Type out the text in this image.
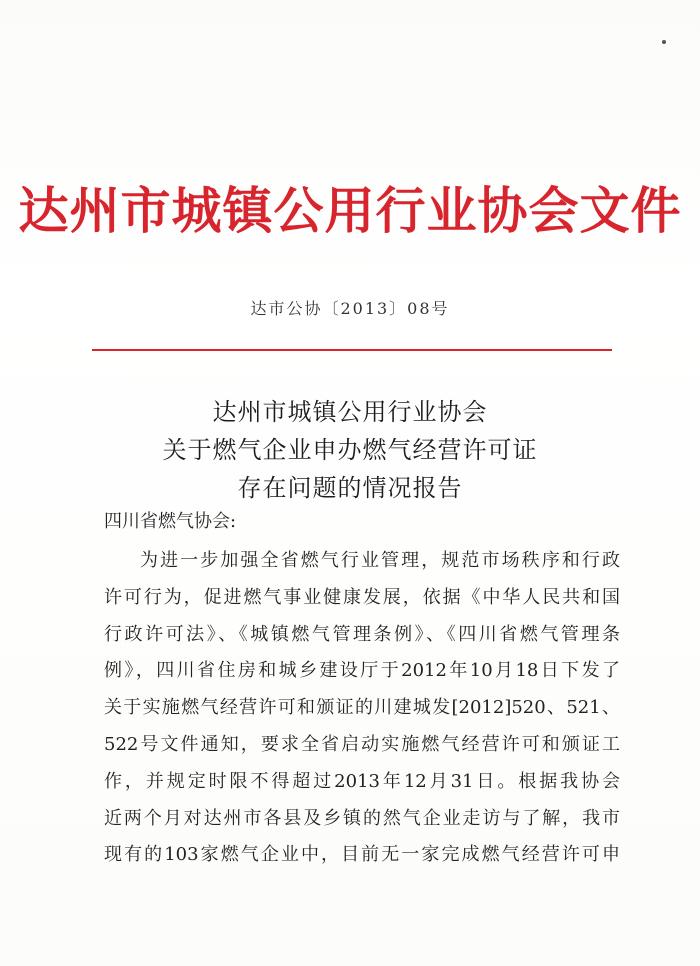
达州市城镇公用行业协会文件
达市公协〔2013〕08号
达州市城镇公用行业协会
关于燃气企业申办燃气经营许可证
存在问题的情况报告
四川省燃气协会:
为进一步加强全省燃气行业管理，规范市场秩序和行政
许可行为，促进燃气事业健康发展，依据《中华人民共和国
行政许可法》、《城镇燃气管理条例》、《四川省燃气管理条
例》，四川省住房和城乡建设厅于2012年10月18日下发了
关于实施燃气经营许可和颁证的川建城发[2012]520、521、
522号文件通知，要求全省启动实施燃气经营许可和颁证工
作，并规定时限不得超过2013年12月31日。根据我协会
近两个月对达州市各县及乡镇的然气企业走访与了解，我市
现有的103家燃气企业中，目前无一家完成燃气经营许可申
